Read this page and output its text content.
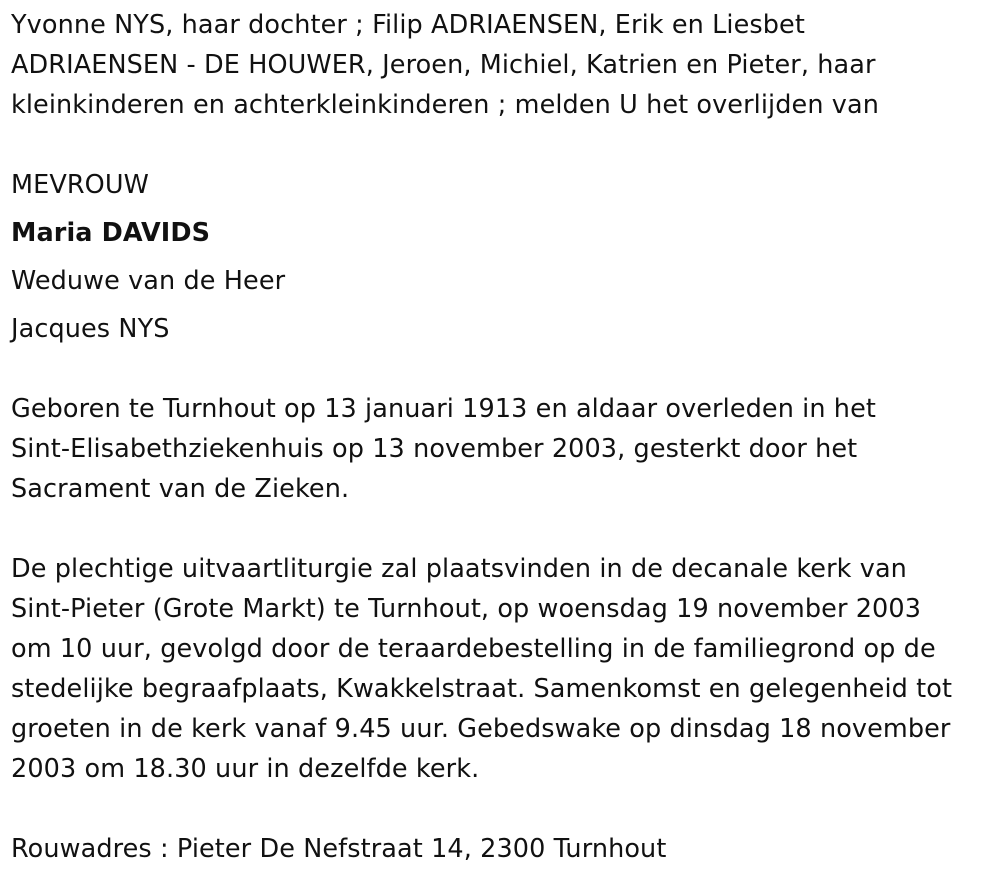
Yvonne NYS, haar dochter ; Filip ADRIAENSEN, Erik en Liesbet
ADRIAENSEN - DE HOUWER, Jeroen, Michiel, Katrien en Pieter, haar
kleinkinderen en achterkleinkinderen ; melden U het overlijden van
MEVROUW
Maria DAVIDS
Weduwe van de Heer
Jacques NYS
Geboren te Turnhout op 13 januari 1913 en aldaar overleden in het
Sint-Elisabethziekenhuis op 13 november 2003, gesterkt door het
Sacrament van de Zieken.
De plechtige uitvaartliturgie zal plaatsvinden in de decanale kerk van
Sint-Pieter (Grote Markt) te Turnhout, op woensdag 19 november 2003
om 10 uur, gevolgd door de teraardebestelling in de familiegrond op de
stedelijke begraafplaats, Kwakkelstraat. Samenkomst en gelegenheid tot
groeten in de kerk vanaf 9.45 uur. Gebedswake op dinsdag 18 november
2003 om 18.30 uur in dezelfde kerk.
Rouwadres : Pieter De Nefstraat 14, 2300 Turnhout
